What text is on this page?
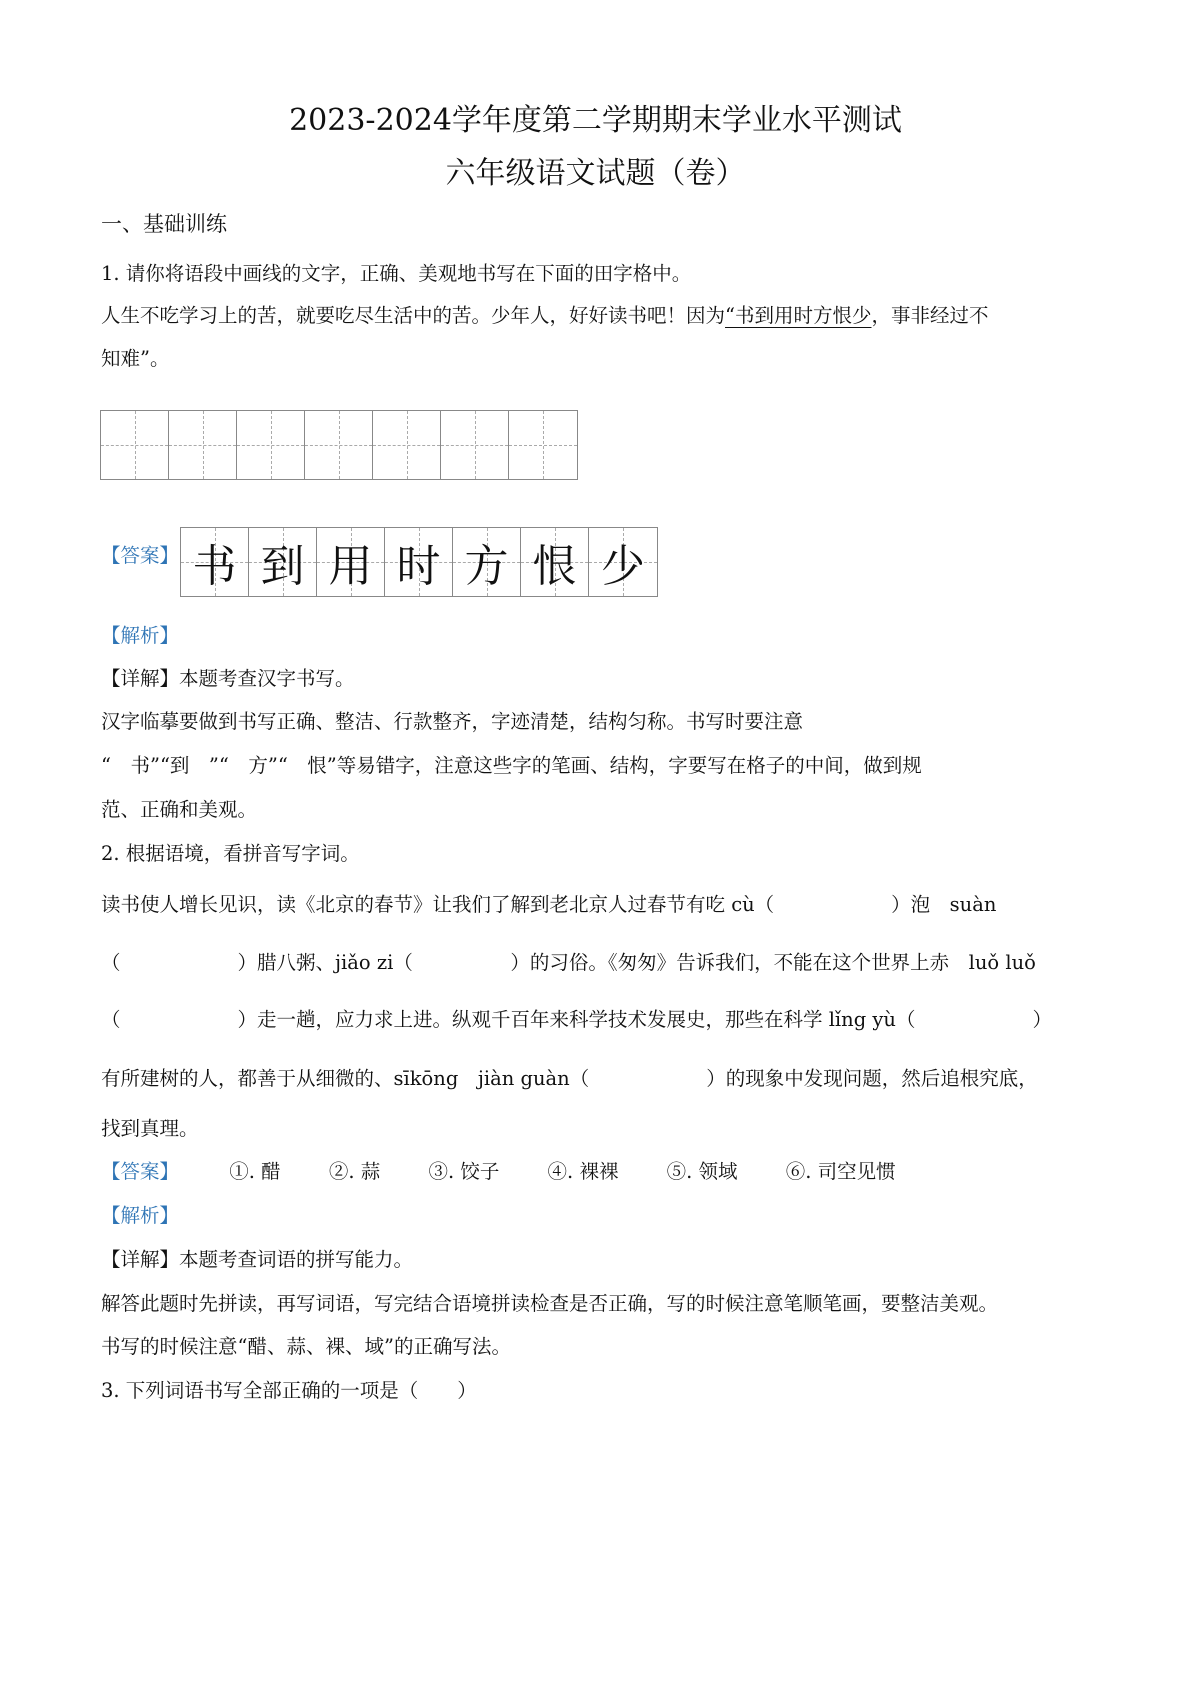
2023-2024学年度第二学期期末学业水平测试
六年级语文试题（卷）
一、基础训练
1. 请你将语段中画线的文字，正确、美观地书写在下面的田字格中。
人生不吃学习上的苦，就要吃尽生活中的苦。少年人，好好读书吧！因为“书到用时方恨少，事非经过不
知难”。
【答案】 书 到 用 时 方 恨 少
【解析】
【详解】本题考查汉字书写。
汉字临摹要做到书写正确、整洁、行款整齐，字迹清楚，结构匀称。书写时要注意
“　书”“到　”“　方”“　恨”等易错字，注意这些字的笔画、结构，字要写在格子的中间，做到规
范、正确和美观。
2. 根据语境，看拼音写字词。
读书使人增长见识，读《北京的春节》让我们了解到老北京人过春节有吃 cù（　　　　　　）泡　suàn
（　　　　　　）腊八粥、jiǎo zi（　　　　　）的习俗。《匆匆》告诉我们，不能在这个世界上赤　luǒ luǒ
（　　　　　　）走一趟，应力求上进。纵观千百年来科学技术发展史，那些在科学 lǐng yù（　　　　　　）
有所建树的人，都善于从细微的、sīkōng　jiàn guàn（　　　　　　）的现象中发现问题，然后追根究底，
找到真理。
【答案】	①. 醋 ②. 蒜 ③. 饺子 ④. 裸裸 ⑤. 领域 ⑥. 司空见惯
【解析】
【详解】本题考查词语的拼写能力。
解答此题时先拼读，再写词语，写完结合语境拼读检查是否正确，写的时候注意笔顺笔画，要整洁美观。
书写的时候注意“醋、蒜、裸、域”的正确写法。
3. 下列词语书写全部正确的一项是（　　）
